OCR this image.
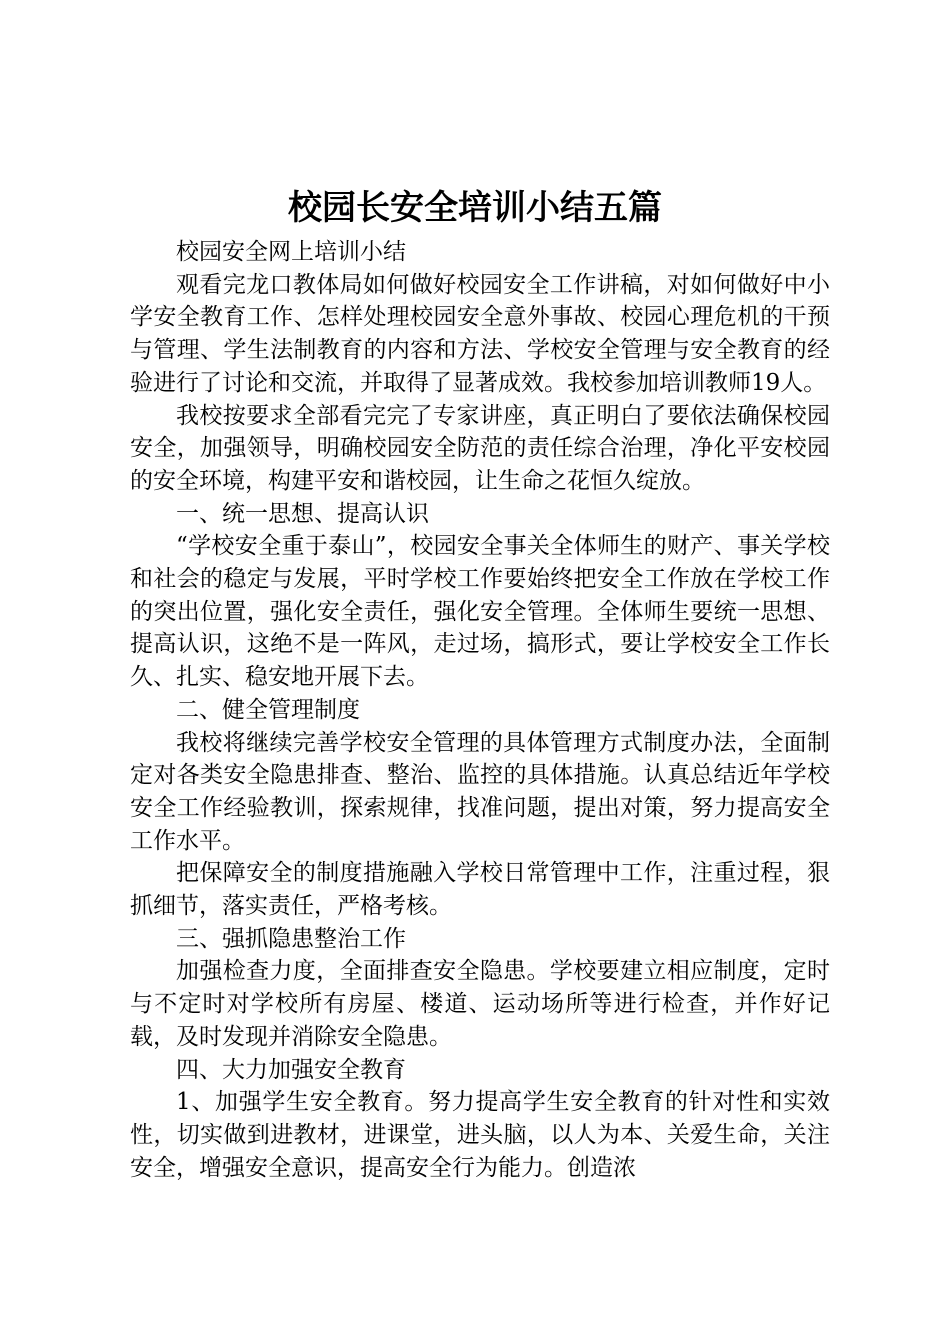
校园长安全培训小结五篇

校园安全网上培训小结

观看完龙口教体局如何做好校园安全工作讲稿，对如何做好中小学安全教育工作、怎样处理校园安全意外事故、校园心理危机的干预与管理、学生法制教育的内容和方法、学校安全管理与安全教育的经验进行了讨论和交流，并取得了显著成效。我校参加培训教师19人。

我校按要求全部看完完了专家讲座，真正明白了要依法确保校园安全，加强领导，明确校园安全防范的责任综合治理，净化平安校园的安全环境，构建平安和谐校园，让生命之花恒久绽放。

一、统一思想、提高认识

“学校安全重于泰山”，校园安全事关全体师生的财产、事关学校和社会的稳定与发展，平时学校工作要始终把安全工作放在学校工作的突出位置，强化安全责任，强化安全管理。全体师生要统一思想、提高认识，这绝不是一阵风，走过场，搞形式，要让学校安全工作长久、扎实、稳安地开展下去。

二、健全管理制度

我校将继续完善学校安全管理的具体管理方式制度办法，全面制定对各类安全隐患排查、整治、监控的具体措施。认真总结近年学校安全工作经验教训，探索规律，找准问题，提出对策，努力提高安全工作水平。

把保障安全的制度措施融入学校日常管理中工作，注重过程，狠抓细节，落实责任，严格考核。

三、强抓隐患整治工作

加强检查力度，全面排查安全隐患。学校要建立相应制度，定时与不定时对学校所有房屋、楼道、运动场所等进行检查，并作好记载，及时发现并消除安全隐患。

四、大力加强安全教育

1、加强学生安全教育。努力提高学生安全教育的针对性和实效性，切实做到进教材，进课堂，进头脑，以人为本、关爱生命，关注安全，增强安全意识，提高安全行为能力。创造浓
